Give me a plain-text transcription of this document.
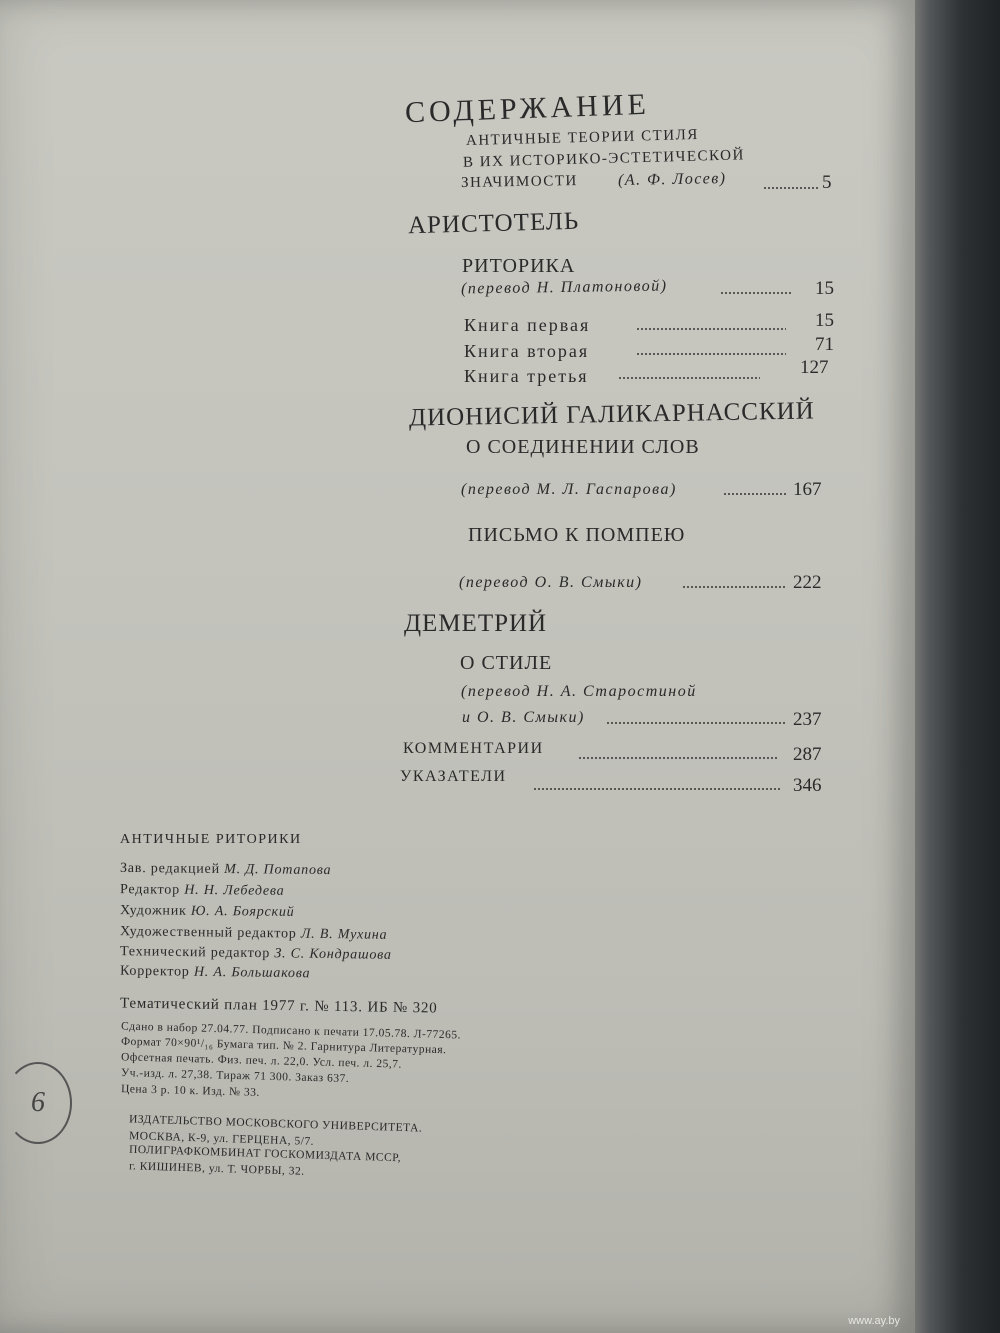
СОДЕРЖАНИЕ
АНТИЧНЫЕ ТЕОРИИ СТИЛЯ
В ИХ ИСТОРИКО-ЭСТЕТИЧЕСКОЙ
ЗНАЧИМОСТИ (А. Ф. Лосев)	5
АРИСТОТЕЛЬ
РИТОРИКА
(перевод Н. Платоновой)	15
Книга первая	15
Книга вторая	71
Книга третья	127
ДИОНИСИЙ ГАЛИКАРНАССКИЙ
О СОЕДИНЕНИИ СЛОВ
(перевод М. Л. Гаспарова)	167
ПИСЬМО К ПОМПЕЮ
(перевод О. В. Смыки)	222
ДЕМЕТРИЙ
О СТИЛЕ
(перевод Н. А. Старостиной
и О. В. Смыки)	237
КОММЕНТАРИИ	287
УКАЗАТЕЛИ	346
АНТИЧНЫЕ РИТОРИКИ
Зав. редакцией М. Д. Потапова
Редактор Н. Н. Лебедева
Художник Ю. А. Боярский
Художественный редактор Л. В. Мухина
Технический редактор З. С. Кондрашова
Корректор Н. А. Большакова
Тематический план 1977 г. № 113. ИБ № 320
Сдано в набор 27.04.77. Подписано к печати 17.05.78. Л-77265.
Формат 70×90¹/₁₆ Бумага тип. № 2. Гарнитура Литературная.
Офсетная печать. Физ. печ. л. 22,0. Усл. печ. л. 25,7.
Уч.-изд. л. 27,38. Тираж 71 300. Заказ 637.
Цена 3 р. 10 к. Изд. № 33.
ИЗДАТЕЛЬСТВО МОСКОВСКОГО УНИВЕРСИТЕТА.
МОСКВА, К-9, ул. ГЕРЦЕНА, 5/7.
ПОЛИГРАФКОМБИНАТ ГОСКОМИЗДАТА МССР,
г. КИШИНЕВ, ул. Т. ЧОРБЫ, 32.
6
www.ay.by
